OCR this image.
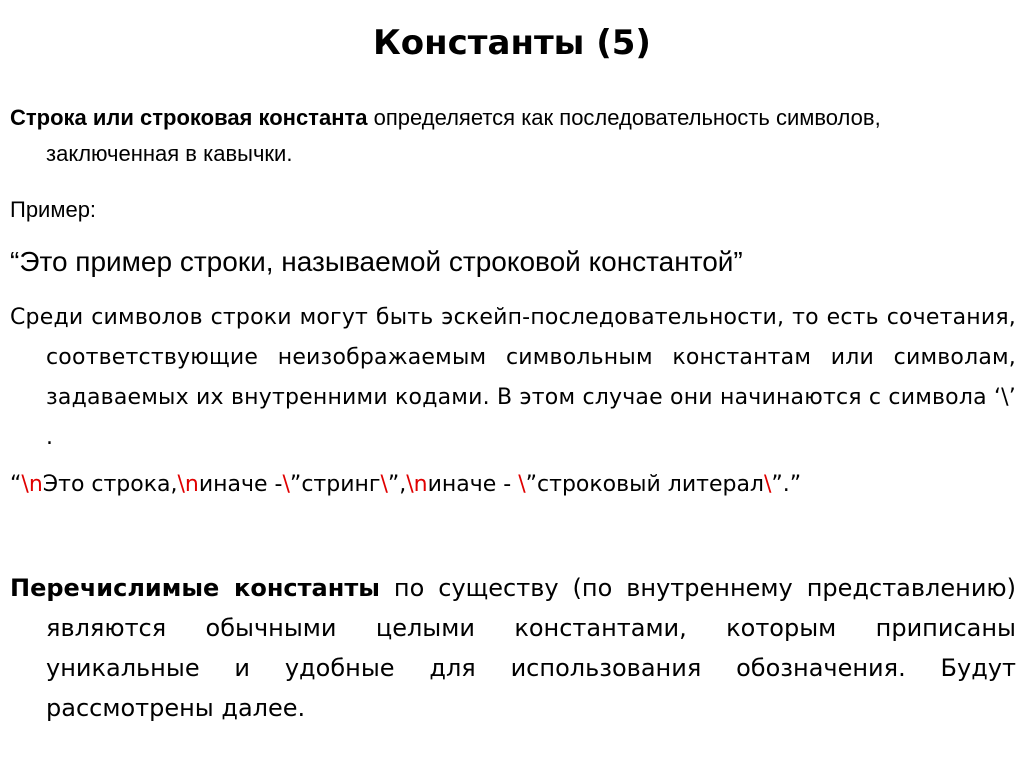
Константы (5)

Строка или строковая константа определяется как последовательность символов, заключенная в кавычки.

Пример:

“Это пример строки, называемой строковой константой”

Среди символов строки могут быть эскейп-последовательности, то есть сочетания, соответствующие неизображаемым символьным константам или символам, задаваемых их внутренними кодами. В этом случае они начинаются с символа ‘\’ .

“\nЭто строка,\nиначе -\”стринг\”,\nиначе - \”строковый литерал\”.”

Перечислимые константы по существу (по внутреннему представлению) являются обычными целыми константами, которым приписаны уникальные и удобные для использования обозначения. Будут рассмотрены далее.
